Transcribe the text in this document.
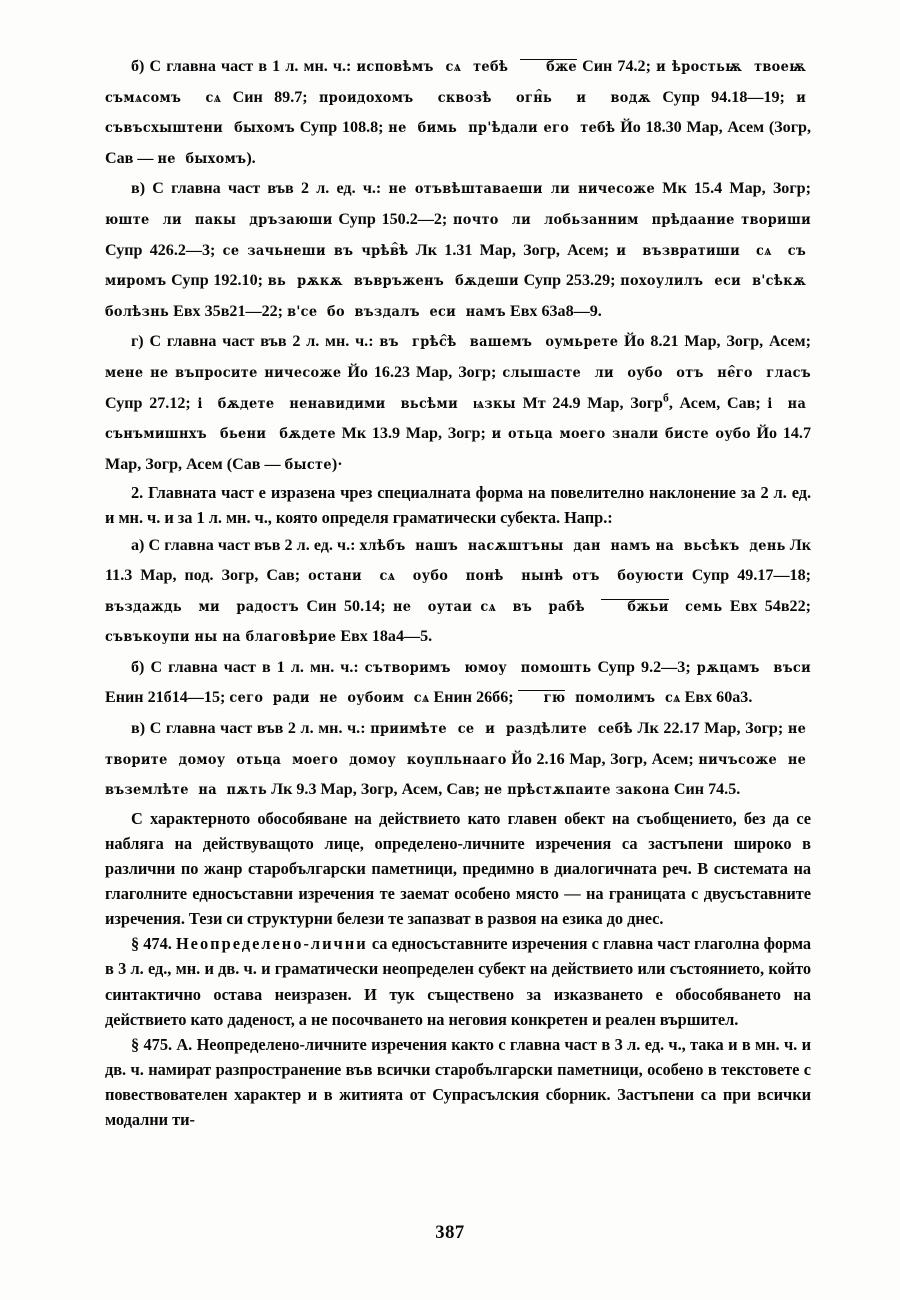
б) С главна част в 1 л. мн. ч.: исповѣмъ  сѧ  тебѣ  бже Син 74.2; и ѣростьѭ  твоеѭ  съмѧсомъ  сѧ Син 89.7; проидохомъ  сквозѣ  ог ^нь  и  водѫ Супр 94.18—19; и  съвъсхыштени  быхомъ Супр 108.8; не  бимь  пр'ѣдали его  тебѣ Йо 18.30 Мар, Асем (Зогр, Сав — не  быхомъ).

в) С главна част във 2 л. ед. ч.: не отъвѣштаваеши ли ничесоже Мк 15.4 Мар, Зогр; юште  ли  пакы  дръзаюши Супр 150.2—2; почто  ли  лобьзанним  прѣдаание твориши Супр 426.2—3; се зачьнеши въ чрѣ ^вѣ Лк 1.31 Мар, Зогр, Асем; и  възвратиши  сѧ  съ  миромъ Супр 192.10; вь  рѫкѫ  въвръженъ  бѫдеши Супр 253.29; похоулилъ  еси  в'сѣкѫ  болѣзнь Евх 35в21—22; в'се  бо  въздалъ  еси  намъ Евх 63а8—9.

г) С главна част във 2 л. мн. ч.: въ  грѣ ^сѣ  вашемъ  оумьрете Йо 8.21 Мар, Зогр, Асем; мене не въпросите ничесоже Йо 16.23 Мар, Зогр; слышасте  ли  оубо  отъ  н ^его  гласъ Супр 27.12; і  бѫдете  ненавидими  вьсѣми  ѩзкы Мт 24.9 Мар, Зогр$^б$, Асем, Сав; і  на  сънъмишнхъ  бьени  бѫдете Мк 13.9 Мар, Зогр; и отьца моего знали бисте оубо Йо 14.7 Мар, Зогр, Асем (Сав — бысте)·

2. Главната част е изразена чрез специалната форма на повелително наклонение за 2 л. ед. и мн. ч. и за 1 л. мн. ч., която определя граматически субекта. Напр.:

а) С главна част във 2 л. ед. ч.: хлѣбъ  нашъ  насѫштъны  дан  намъ на  вьсѣкъ  день Лк 11.3 Мар, под. Зогр, Сав; остани  сѧ  оубо  понѣ  нынѣ отъ  боуюсти Супр 49.17—18; въздаждь  ми  радостъ Син 50.14; не  оутаи сѧ  въ  рабѣ  бжьи  семь Евх 54в22; съвъкоупи ны на благовѣрие Евх 18а4—5.

б) С главна част в 1 л. мн. ч.: сътворимъ  юмоу  помошть Супр 9.2—3; рѫцамъ  въси Енин 21б14—15; сего  ради  не  оубоим  сѧ Енин 26б6; гю  помолимъ  сѧ Евх 60а3.

в) С главна част във 2 л. мн. ч.: приимѣте  се  и  раздѣлите  себѣ Лк 22.17 Мар, Зогр; не  творите  домоу  отьца  моего  домоу  коупльнааго Йо 2.16 Мар, Зогр, Асем; ничъсоже  не  въземлѣте  на  пѫть Лк 9.3 Мар, Зогр, Асем, Сав; не прѣстѫпаите закона Син 74.5.

С характерното обособяване на действието като главен обект на съобщението, без да се набляга на действуващото лице, определено-личните изречения са застъпени широко в различни по жанр старобългарски паметници, предимно в диалогичната реч. В системата на глаголните едносъставни изречения те заемат особено място — на границата с двусъставните изречения. Тези си структурни белези те запазват в развоя на езика до днес.

§ 474. Неопределено-лични са едносъставните изречения с главна част глаголна форма в 3 л. ед., мн. и дв. ч. и граматически неопределен субект на действието или състоянието, който синтактично остава неизразен. И тук съществено за изказването е обособяването на действието като даденост, а не посочването на неговия конкретен и реален вършител.

§ 475. А. Неопределено-личните изречения както с главна част в 3 л. ед. ч., така и в мн. ч. и дв. ч. намират разпространение във всички старобългарски паметници, особено в текстовете с повествователен характер и в житията от Супрасълския сборник. Застъпени са при всички модални ти-

387
